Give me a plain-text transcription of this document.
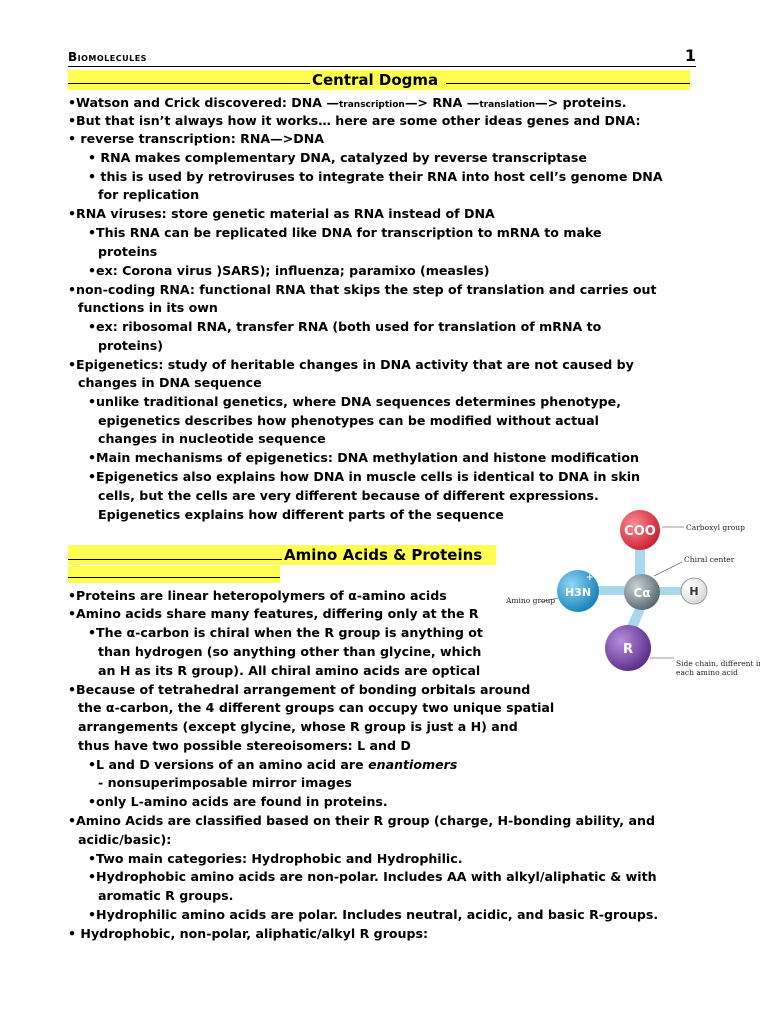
Biomolecules	1
Central Dogma
•Watson and Crick discovered: DNA —transcription—> RNA —translation—> proteins.
•But that isn’t always how it works… here are some other ideas genes and DNA:
• reverse transcription: RNA—>DNA
• RNA makes complementary DNA, catalyzed by reverse transcriptase
• this is used by retroviruses to integrate their RNA into host cell’s genome DNA
for replication
•RNA viruses: store genetic material as RNA instead of DNA
•This RNA can be replicated like DNA for transcription to mRNA to make
proteins
•ex: Corona virus )SARS); influenza; paramixo (measles)
•non-coding RNA: functional RNA that skips the step of translation and carries out
functions in its own
•ex: ribosomal RNA, transfer RNA (both used for translation of mRNA to
proteins)
•Epigenetics: study of heritable changes in DNA activity that are not caused by
changes in DNA sequence
•unlike traditional genetics, where DNA sequences determines phenotype,
epigenetics describes how phenotypes can be modified without actual
changes in nucleotide sequence
•Main mechanisms of epigenetics: DNA methylation and histone modification
•Epigenetics also explains how DNA in muscle cells is identical to DNA in skin
cells, but the cells are very different because of different expressions.
Epigenetics explains how different parts of the sequence
Amino Acids & Proteins
•Proteins are linear heteropolymers of α-amino acids
•Amino acids share many features, differing only at the R
•The α-carbon is chiral when the R group is anything ot
than hydrogen (so anything other than glycine, which
an H as its R group). All chiral amino acids are optical
•Because of tetrahedral arrangement of bonding orbitals around
the α-carbon, the 4 different groups can occupy two unique spatial
arrangements (except glycine, whose R group is just a H) and
thus have two possible stereoisomers: L and D
•L and D versions of an amino acid are enantiomers
- nonsuperimposable mirror images
•only L-amino acids are found in proteins.
•Amino Acids are classified based on their R group (charge, H-bonding ability, and
acidic/basic):
•Two main categories: Hydrophobic and Hydrophilic.
•Hydrophobic amino acids are non-polar. Includes AA with alkyl/aliphatic & with
aromatic R groups.
•Hydrophilic amino acids are polar. Includes neutral, acidic, and basic R-groups.
• Hydrophobic, non-polar, aliphatic/alkyl R groups:
COO
−
H3N
+
Cα	H
R
Carboxyl group
Chiral center
Amino group
Side chain, different in
each amino acid
